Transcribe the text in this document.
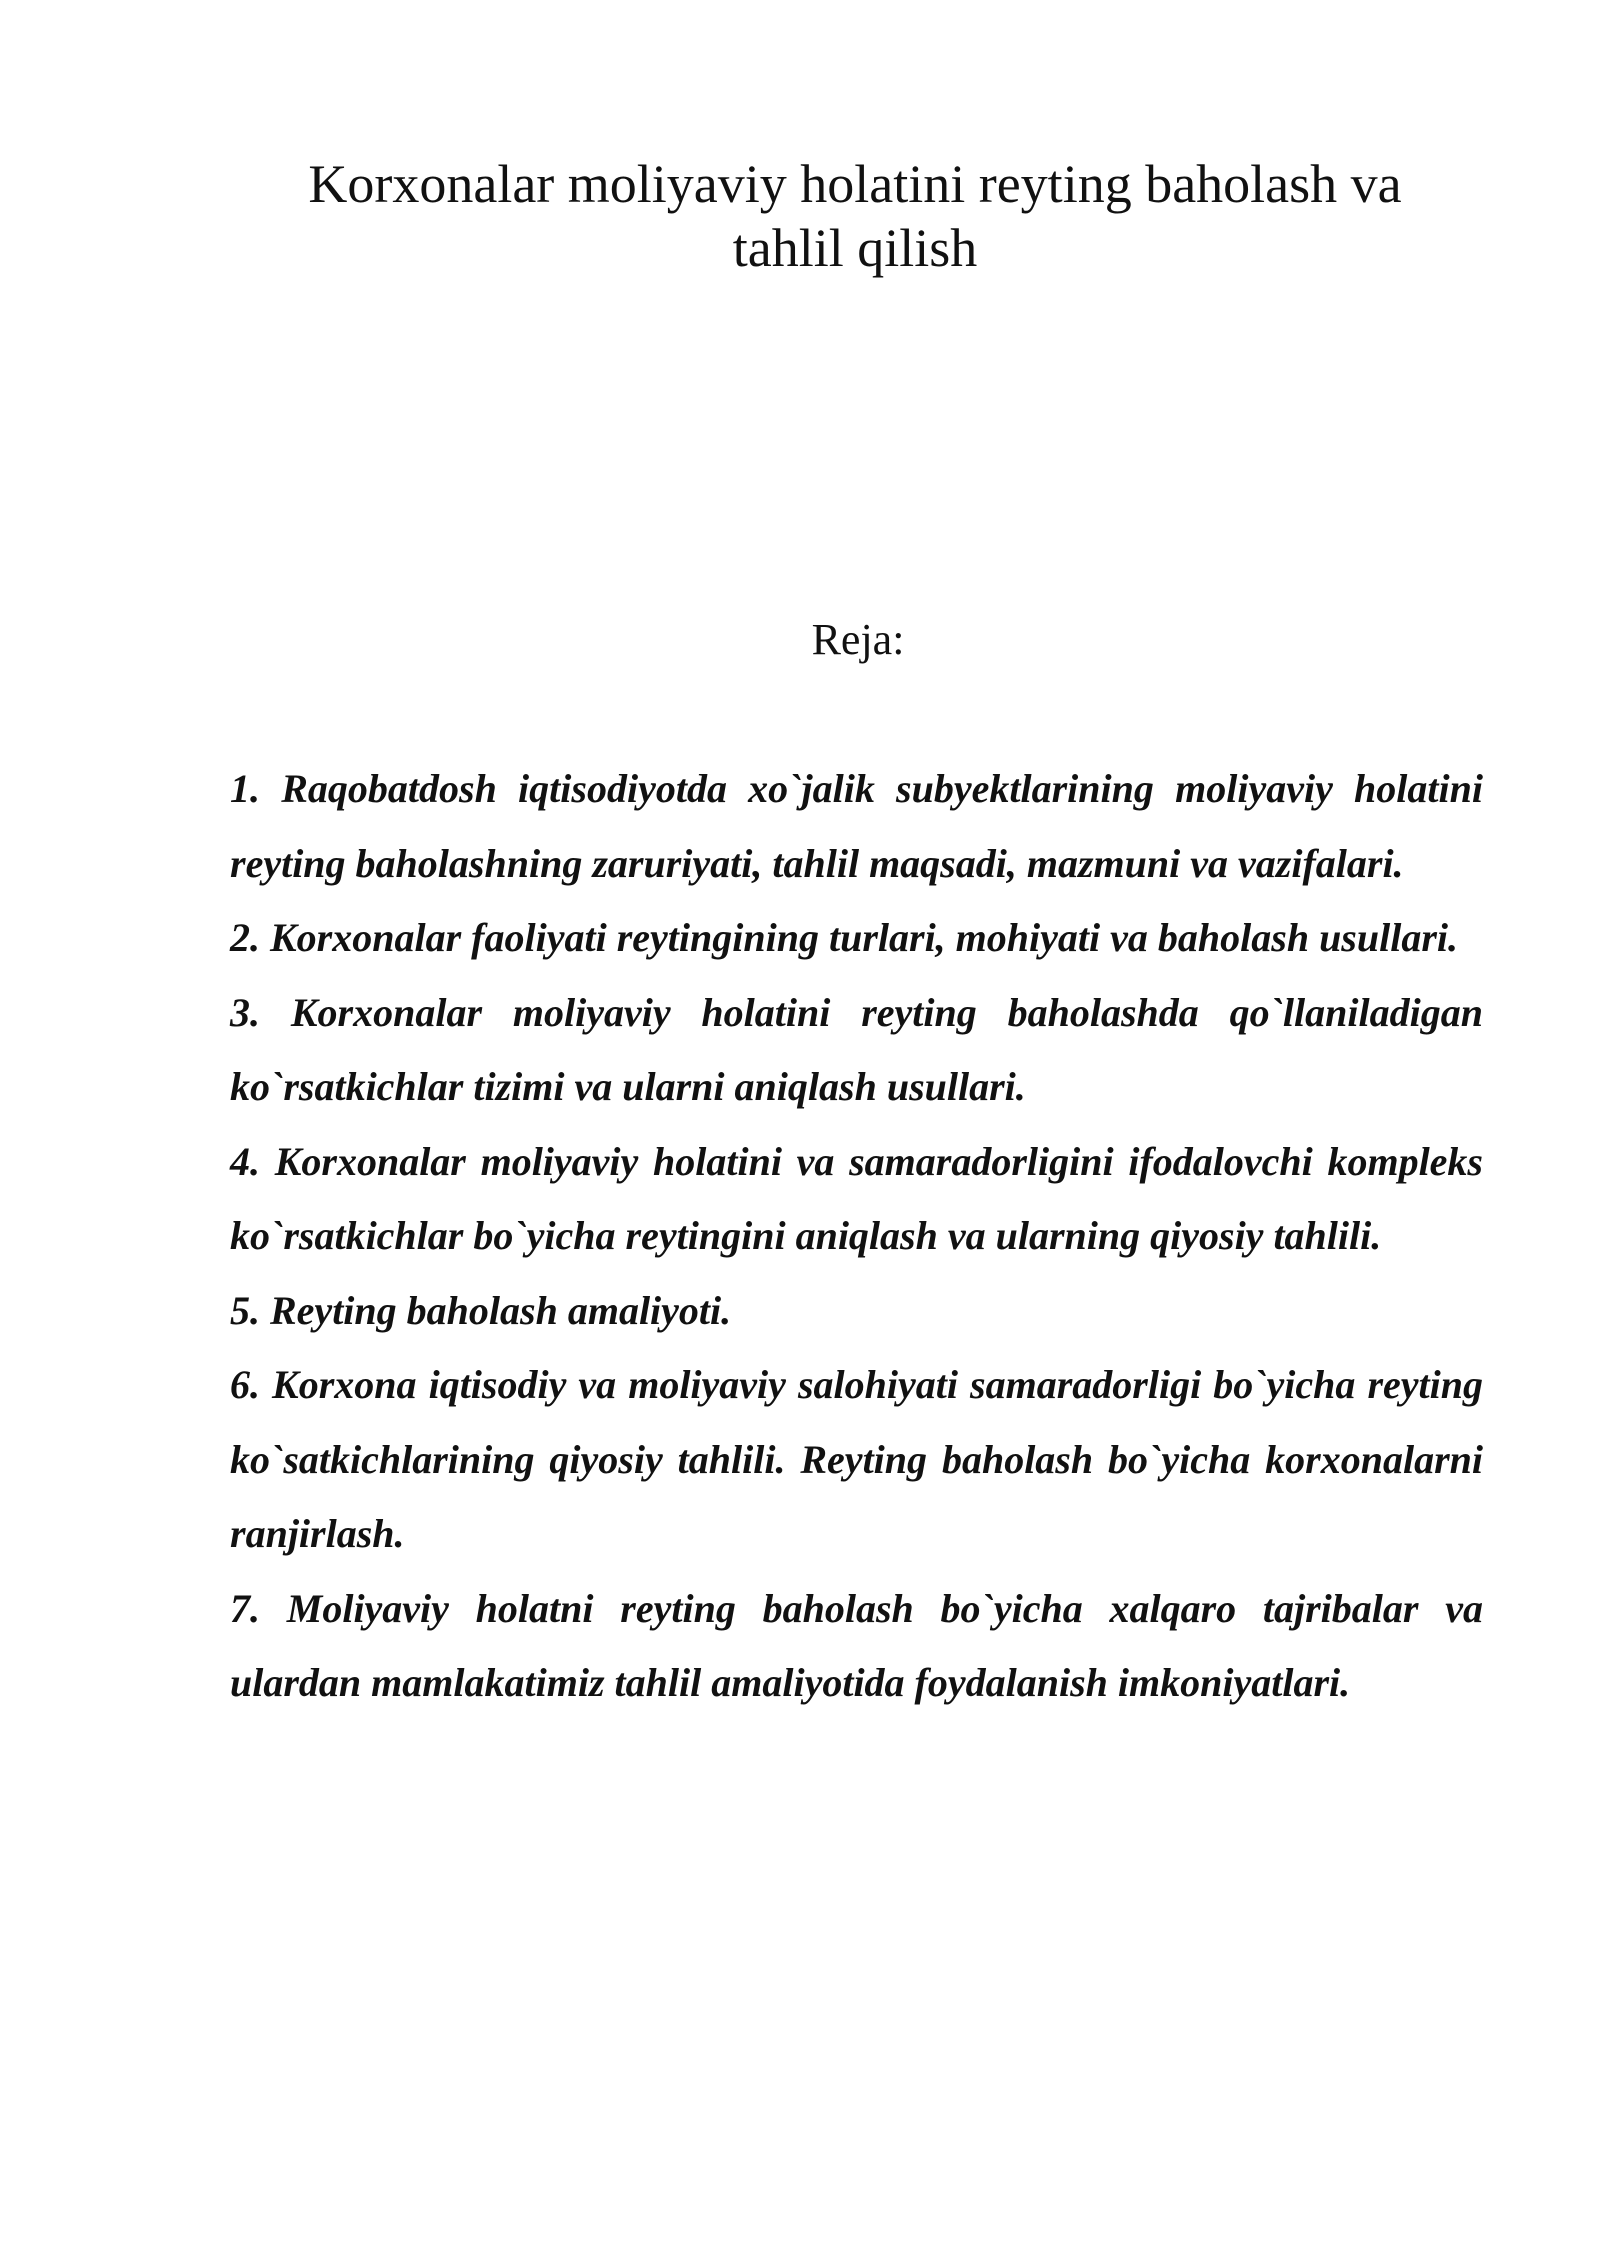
Korxonalar moliyaviy holatini reyting baholash va
tahlil qilish
Reja:
1. Raqobatdosh iqtisodiyotda xo`jalik subyektlarining moliyaviy holatini reyting baholashning zaruriyati, tahlil maqsadi, mazmuni va vazifalari.
2. Korxonalar faoliyati reytingining turlari, mohiyati va baholash usullari.
3. Korxonalar moliyaviy holatini reyting baholashda qo`llaniladigan ko`rsatkichlar tizimi va ularni aniqlash usullari.
4. Korxonalar moliyaviy holatini va samaradorligini ifodalovchi kompleks ko`rsatkichlar bo`yicha reytingini aniqlash va ularning qiyosiy tahlili.
5. Reyting baholash amaliyoti.
6. Korxona iqtisodiy va moliyaviy salohiyati samaradorligi bo`yicha reyting ko`satkichlarining qiyosiy tahlili. Reyting baholash bo`yicha korxonalarni ranjirlash.
7. Moliyaviy holatni reyting baholash bo`yicha xalqaro tajribalar va ulardan mamlakatimiz tahlil amaliyotida foydalanish imkoniyatlari.
